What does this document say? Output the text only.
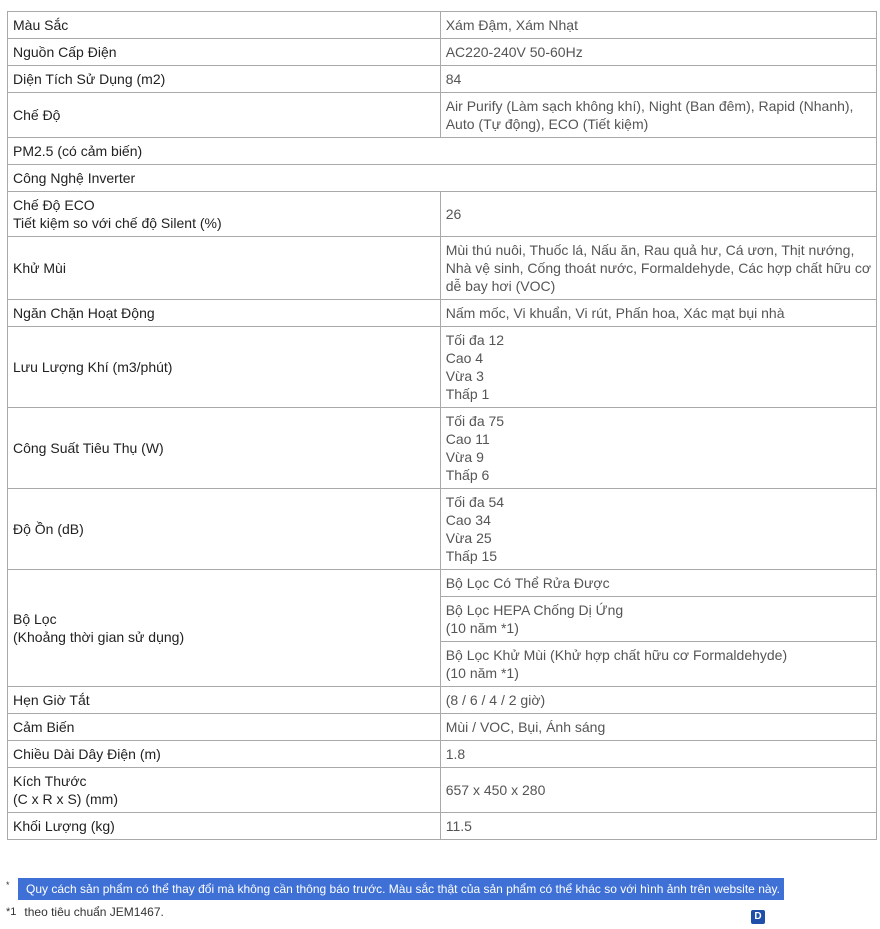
Màu Sắc	Xám Đậm, Xám Nhạt

Nguồn Cấp Điện	AC220-240V 50-60Hz

Diện Tích Sử Dụng (m2)	84

Chế Độ	Air Purify (Làm sạch không khí), Night (Ban đêm), Rapid (Nhanh),
Auto (Tự động), ECO (Tiết kiệm)

PM2.5 (có cảm biến)	

Công Nghệ Inverter	

Chế Độ ECO
Tiết kiệm so với chế độ Silent (%)	26

Khử Mùi	Mùi thú nuôi, Thuốc lá, Nấu ăn, Rau quả hư, Cá ươn, Thịt nướng,
Nhà vệ sinh, Cống thoát nước, Formaldehyde, Các hợp chất hữu cơ
dễ bay hơi (VOC)

Ngăn Chặn Hoạt Động	Nấm mốc, Vi khuẩn, Vi rút, Phấn hoa, Xác mạt bụi nhà

Lưu Lượng Khí (m3/phút)	Tối đa 12
Cao 4
Vừa 3
Thấp 1

Công Suất Tiêu Thụ (W)	Tối đa 75
Cao 11
Vừa 9
Thấp 6

Độ Ồn (dB)	Tối đa 54
Cao 34
Vừa 25
Thấp 15

Bộ Lọc
(Khoảng thời gian sử dụng)	Bộ Lọc Có Thể Rửa Được

	Bộ Lọc HEPA Chống Dị Ứng
(10 năm *1)

	Bộ Lọc Khử Mùi (Khử hợp chất hữu cơ Formaldehyde)
(10 năm *1)

Hẹn Giờ Tắt	(8 / 6 / 4 / 2 giờ)

Cảm Biến	Mùi / VOC, Bụi, Ánh sáng

Chiều Dài Dây Điện (m)	1.8

Kích Thước
(C x R x S) (mm)	657 x 450 x 280

Khối Lượng (kg)	11.5
*	Quy cách sản phẩm có thể thay đổi mà không cần thông báo trước. Màu sắc thật của sản phẩm có thể khác so với hình ảnh trên website này.
*1 theo tiêu chuẩn JEM1467.	D
